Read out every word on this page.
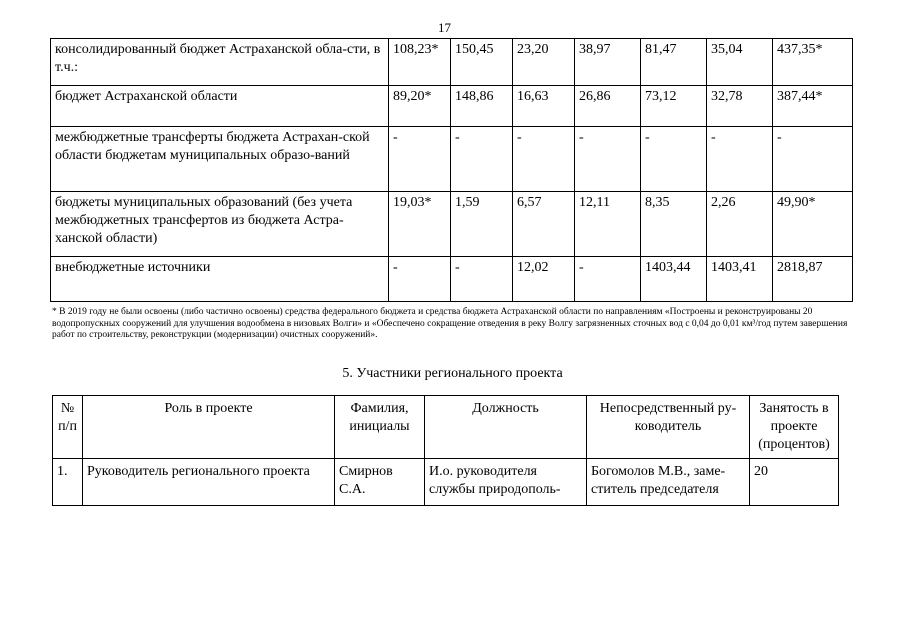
17
консолидированный бюджет Астраханской обла-сти, в т.ч.:	108,23*	150,45	23,20	38,97	81,47	35,04	437,35*
бюджет Астраханской области	89,20*	148,86	16,63	26,86	73,12	32,78	387,44*
межбюджетные трансферты бюджета Астрахан-ской области бюджетам муниципальных образо-ваний	-	-	-	-	-	-	-
бюджеты муниципальных образований (без учета межбюджетных трансфертов из бюджета Астра-ханской области)	19,03*	1,59	6,57	12,11	8,35	2,26	49,90*
внебюджетные источники	-	-	12,02	-	1403,44	1403,41	2818,87
* В 2019 году не были освоены (либо частично освоены) средства федерального бюджета и средства бюджета Астраханской области по направлениям «Построены и реконструированы 20 водопропускных сооружений для улучшения водообмена в низовьях Волги» и «Обеспечено сокращение отведения в реку Волгу загрязненных сточных вод с 0,04 до 0,01 км³/год путем завершения работ по строительству, реконструкции (модернизации) очистных сооружений».
5. Участники регионального проекта
№ п/п	Роль в проекте	Фамилия, инициалы	Должность	Непосредственный ру-ководитель	Занятость в проекте (процентов)
1.	Руководитель регионального проекта	Смирнов С.А.	И.о. руководителя службы природополь-	Богомолов М.В., заме-ститель председателя	20
